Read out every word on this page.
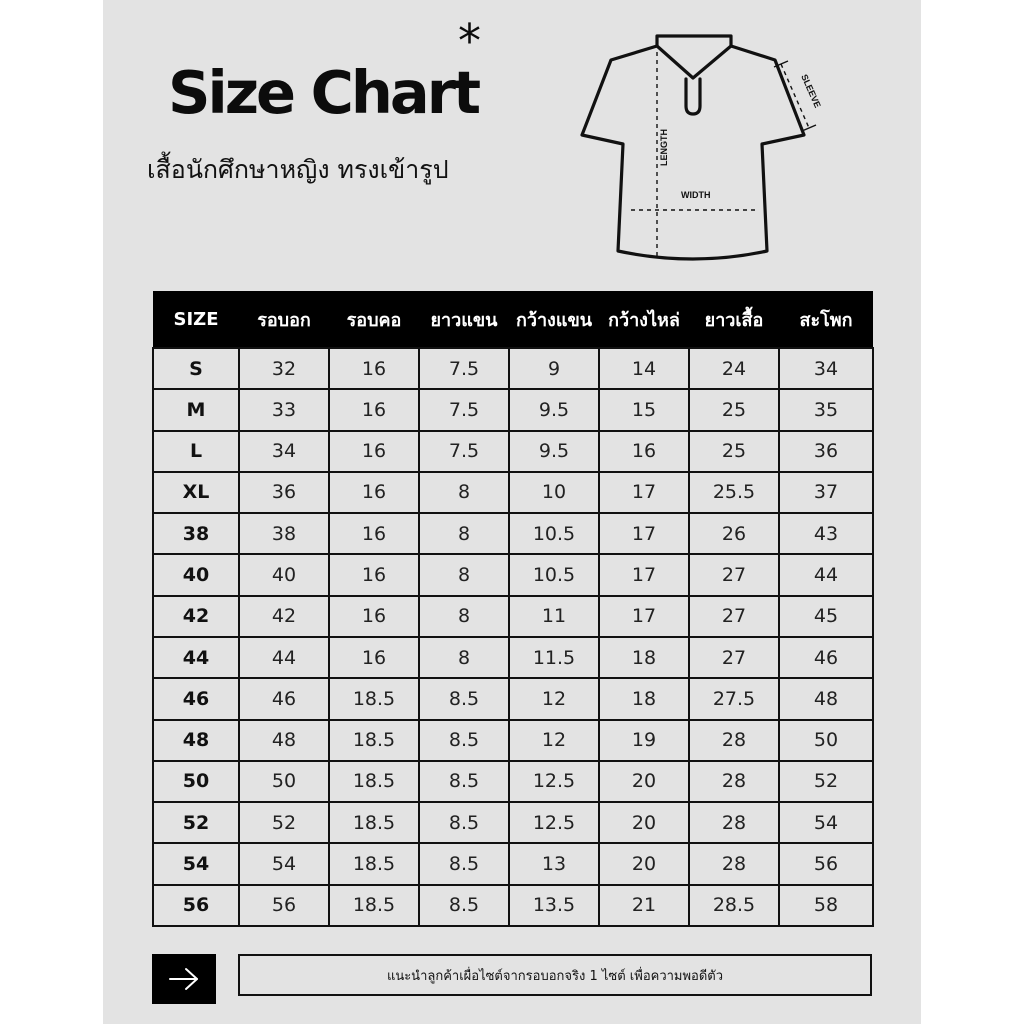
Size Chart
*
เสื้อนักศึกษาหญิง ทรงเข้ารูป
LENGTH
WIDTH
SLEEVE
SIZE	รอบอก	รอบคอ	ยาวแขน	กว้างแขน	กว้างไหล่	ยาวเสื้อ	สะโพก
S	32	16	7.5	9	14	24	34
M	33	16	7.5	9.5	15	25	35
L	34	16	7.5	9.5	16	25	36
XL	36	16	8	10	17	25.5	37
38	38	16	8	10.5	17	26	43
40	40	16	8	10.5	17	27	44
42	42	16	8	11	17	27	45
44	44	16	8	11.5	18	27	46
46	46	18.5	8.5	12	18	27.5	48
48	48	18.5	8.5	12	19	28	50
50	50	18.5	8.5	12.5	20	28	52
52	52	18.5	8.5	12.5	20	28	54
54	54	18.5	8.5	13	20	28	56
56	56	18.5	8.5	13.5	21	28.5	58
แนะนำลูกค้าเผื่อไซต์จากรอบอกจริง 1 ไซต์ เพื่อความพอดีตัว
